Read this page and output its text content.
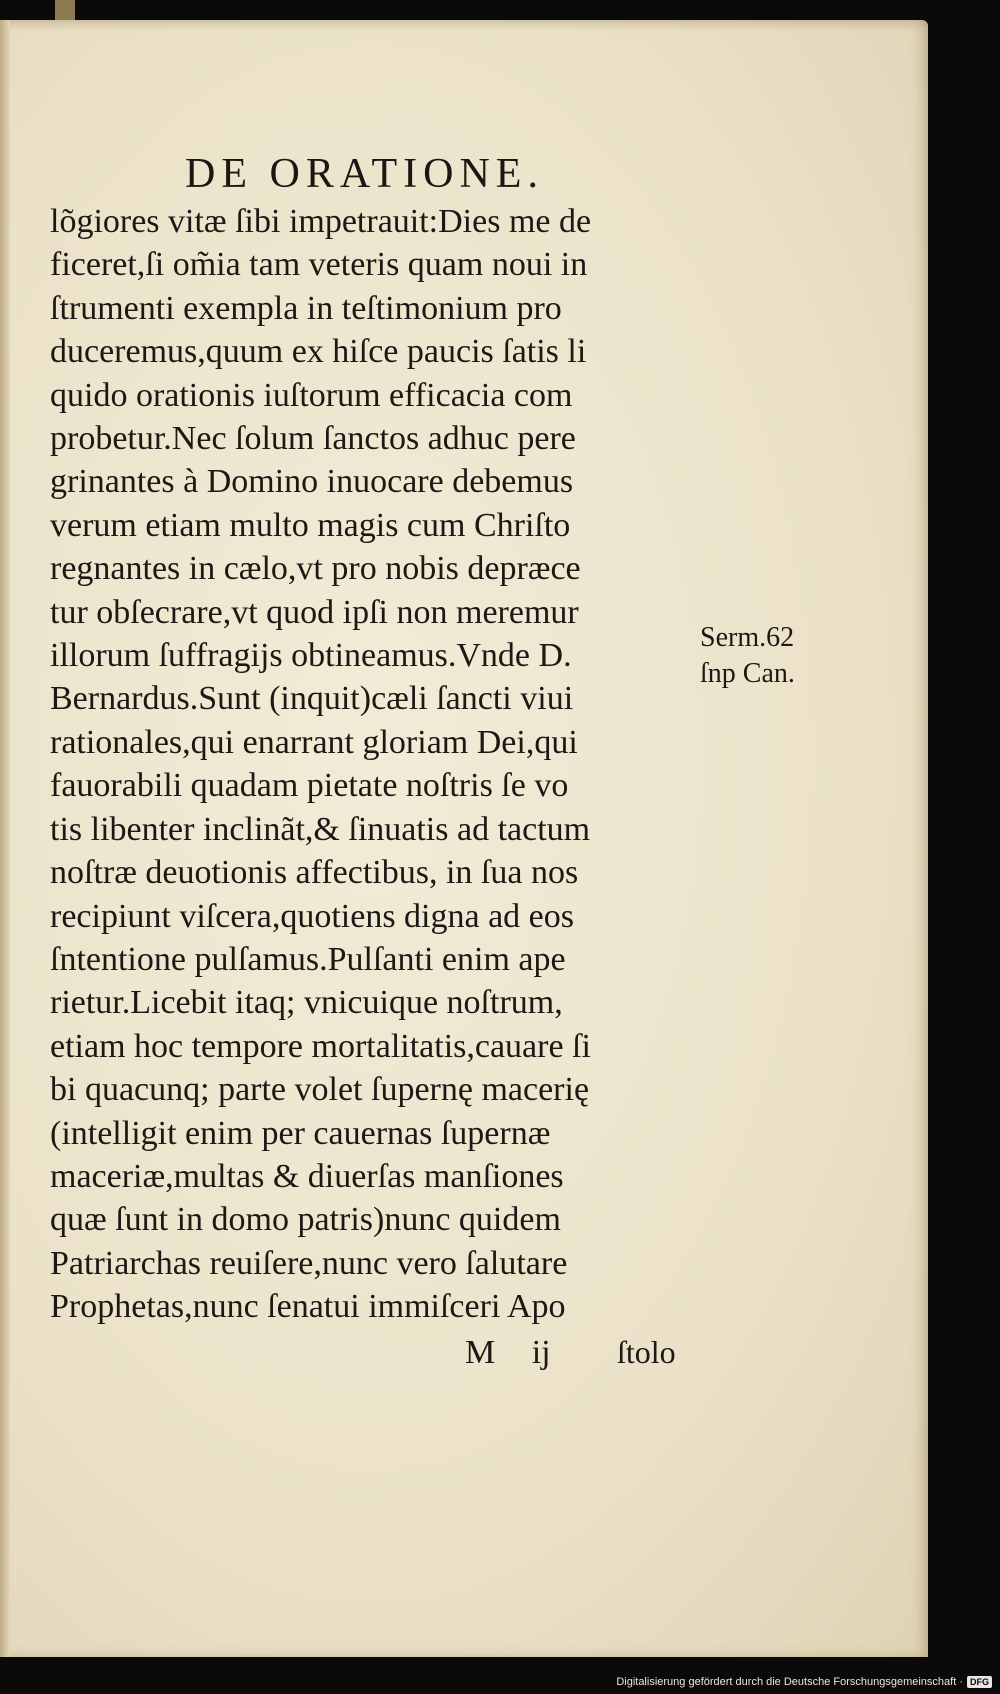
DE ORATIONE.
lõgiores vitæ ſibi impetrauit:Dies me de
ficeret,ſi om̃ia tam veteris quam noui in
ſtrumenti exempla in teſtimonium pro
duceremus,quum ex hiſce paucis ſatis li
quido orationis iuſtorum efficacia com
probetur.Nec ſolum ſanctos adhuc pere
grinantes à Domino inuocare debemus
verum etiam multo magis cum Chriſto
regnantes in cælo,vt pro nobis depræce
tur obſecrare,vt quod ipſi non meremur
illorum ſuffragijs obtineamus.Vnde D.
Bernardus.Sunt (inquit)cæli ſancti viui
rationales,qui enarrant gloriam Dei,qui
fauorabili quadam pietate noſtris ſe vo
tis libenter inclinãt,& ſinuatis ad tactum
noſtræ deuotionis affectibus, in ſua nos
recipiunt viſcera,quotiens digna ad eos
ſntentione pulſamus.Pulſanti enim ape
rietur.Licebit itaq; vnicuique noſtrum,
etiam hoc tempore mortalitatis,cauare ſi
bi quacunq; parte volet ſupernę macerię
(intelligit enim per cauernas ſupernæ
maceriæ,multas & diuerſas manſiones
quæ ſunt in domo patris)nunc quidem
Patriarchas reuiſere,nunc vero ſalutare
Prophetas,nunc ſenatui immiſceri Apo
Serm.62
ſnp Can.
M ij ſtolo
Digitalisierung gefördert durch die Deutsche Forschungsgemeinschaft · DFG
